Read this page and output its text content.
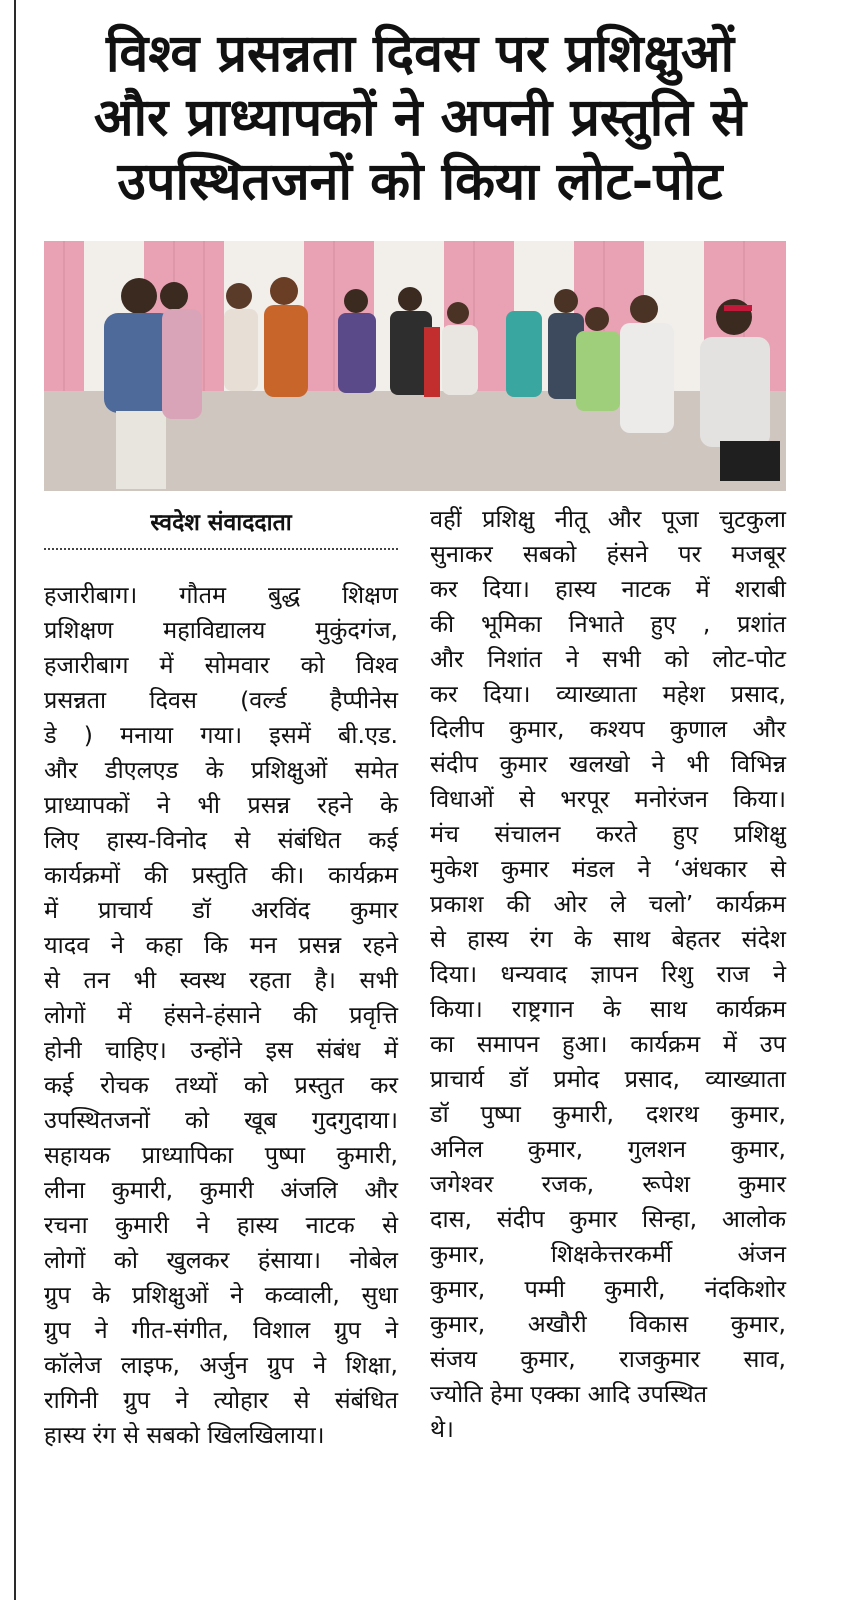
विश्व प्रसन्नता दिवस पर प्रशिक्षुओं
और प्राध्यापकों ने अपनी प्रस्तुति से
उपस्थितजनों को किया लोट-पोट
स्वदेश संवाददाता
हजारीबाग। गौतम बुद्ध शिक्षण
प्रशिक्षण महाविद्यालय मुकुंदगंज,
हजारीबाग में सोमवार को विश्व
प्रसन्नता दिवस (वर्ल्ड हैप्पीनेस
डे ) मनाया गया। इसमें बी.एड.
और डीएलएड के प्रशिक्षुओं समेत
प्राध्यापकों ने भी प्रसन्न रहने के
लिए हास्य-विनोद से संबंधित कई
कार्यक्रमों की प्रस्तुति की। कार्यक्रम
में प्राचार्य डॉ अरविंद कुमार
यादव ने कहा कि मन प्रसन्न रहने
से तन भी स्वस्थ रहता है। सभी
लोगों में हंसने-हंसाने की प्रवृत्ति
होनी चाहिए। उन्होंने इस संबंध में
कई रोचक तथ्यों को प्रस्तुत कर
उपस्थितजनों को खूब गुदगुदाया।
सहायक प्राध्यापिका पुष्पा कुमारी,
लीना कुमारी, कुमारी अंजलि और
रचना कुमारी ने हास्य नाटक से
लोगों को खुलकर हंसाया। नोबेल
ग्रुप के प्रशिक्षुओं ने कव्वाली, सुधा
ग्रुप ने गीत-संगीत, विशाल ग्रुप ने
कॉलेज लाइफ, अर्जुन ग्रुप ने शिक्षा,
रागिनी ग्रुप ने त्योहार से संबंधित
हास्य रंग से सबको खिलखिलाया।
वहीं प्रशिक्षु नीतू और पूजा चुटकुला
सुनाकर सबको हंसने पर मजबूर
कर दिया। हास्य नाटक में शराबी
की भूमिका निभाते हुए , प्रशांत
और निशांत ने सभी को लोट-पोट
कर दिया। व्याख्याता महेश प्रसाद,
दिलीप कुमार, कश्यप कुणाल और
संदीप कुमार खलखो ने भी विभिन्न
विधाओं से भरपूर मनोरंजन किया।
मंच संचालन करते हुए प्रशिक्षु
मुकेश कुमार मंडल ने ‘अंधकार से
प्रकाश की ओर ले चलो’ कार्यक्रम
से हास्य रंग के साथ बेहतर संदेश
दिया। धन्यवाद ज्ञापन रिशु राज ने
किया। राष्ट्रगान के साथ कार्यक्रम
का समापन हुआ। कार्यक्रम में उप
प्राचार्य डॉ प्रमोद प्रसाद, व्याख्याता
डॉ पुष्पा कुमारी, दशरथ कुमार,
अनिल कुमार, गुलशन कुमार,
जगेश्वर रजक, रूपेश कुमार
दास, संदीप कुमार सिन्हा, आलोक
कुमार, शिक्षकेत्तरकर्मी अंजन
कुमार, पम्मी कुमारी, नंदकिशोर
कुमार, अखौरी विकास कुमार,
संजय कुमार, राजकुमार साव,
ज्योति हेमा एक्का आदि उपस्थित
थे।
